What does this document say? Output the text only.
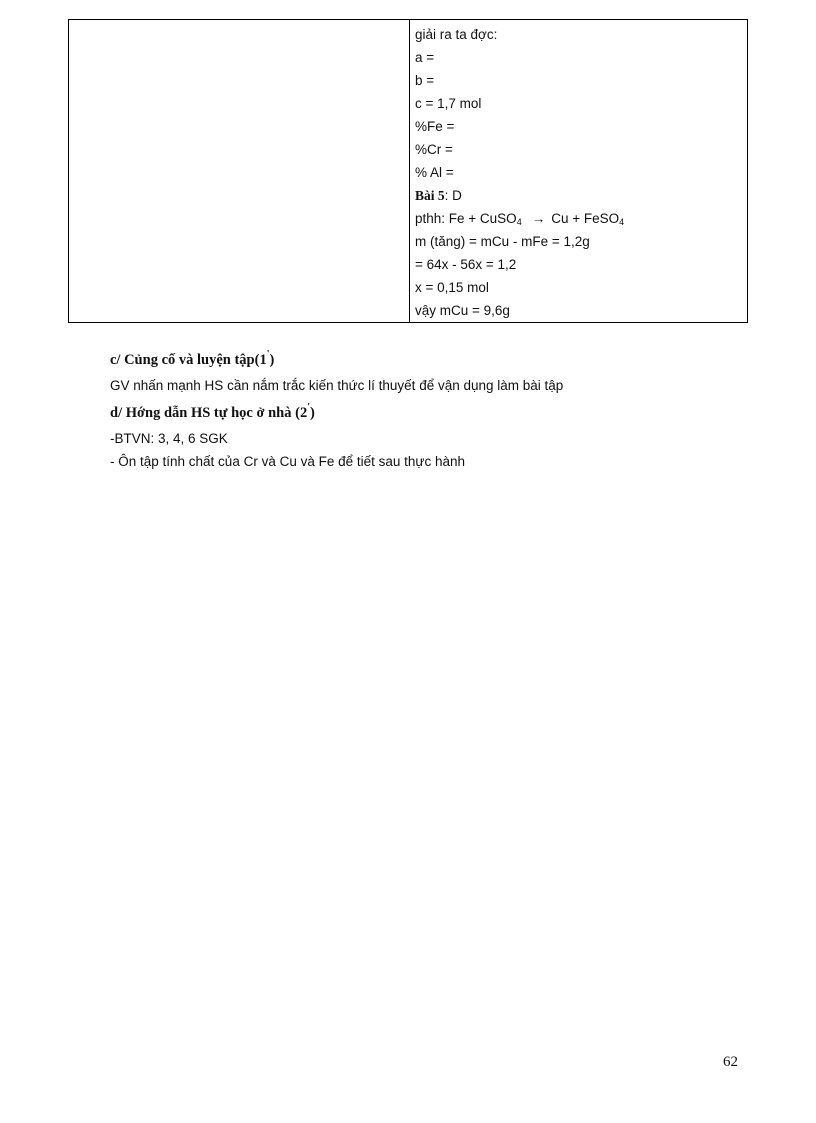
giải ra ta đợc:
a =
b =
c = 1,7 mol
%Fe =
%Cr =
% Al =
Bài 5: D
pthh: Fe + CuSO$_4$ → Cu + FeSO$_4$
m (tăng) = mCu - mFe = 1,2g
= 64x - 56x = 1,2
x = 0,15 mol
vậy mCu = 9,6g
c/ Củng cố và luyện tập(1')
GV nhấn mạnh HS cần nắm trắc kiến thức lí thuyết để vận dụng làm bài tập
d/ Hớng dẫn HS tự học ở nhà (2')
-BTVN: 3, 4, 6 SGK
- Ôn tập tính chất của Cr và Cu và Fe để tiết sau thực hành
62
